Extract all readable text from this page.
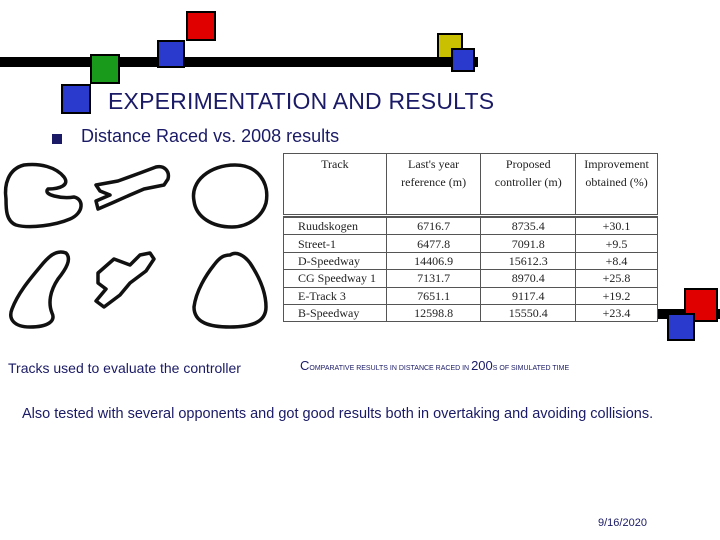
EXPERIMENTATION AND RESULTS
Distance Raced vs. 2008 results
Track	Last's year reference (m)	Proposed controller (m)	Improvement obtained (%)

Ruudskogen	6716.7	8735.4	+30.1
Street-1	6477.8	7091.8	+9.5
D-Speedway	14406.9	15612.3	+8.4
CG Speedway 1	7131.7	8970.4	+25.8
E-Track 3	7651.1	9117.4	+19.2
B-Speedway	12598.8	15550.4	+23.4
Tracks used to evaluate the controller	COMPARATIVE RESULTS IN DISTANCE RACED IN 200S OF SIMULATED TIME
Also tested with several opponents and got good results both in overtaking and avoiding collisions.
9/16/2020
